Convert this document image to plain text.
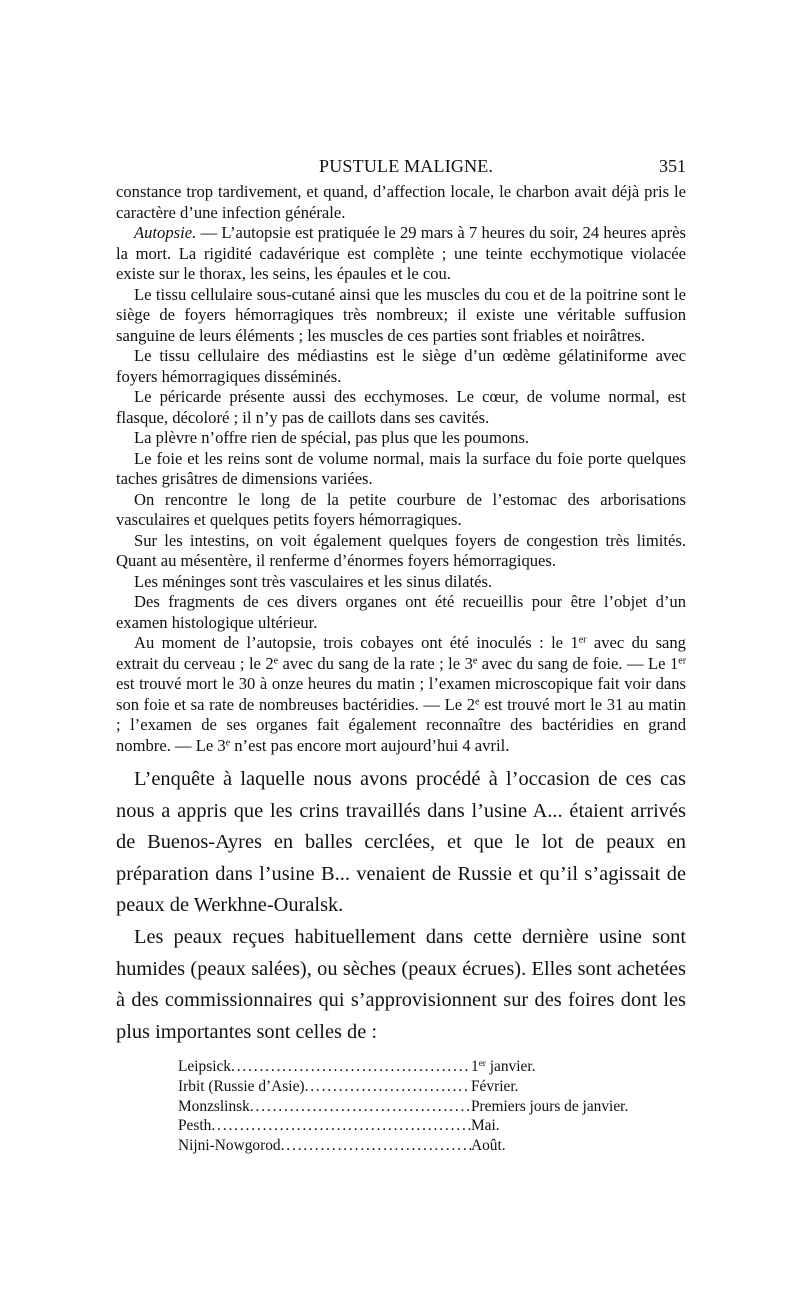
PUSTULE MALIGNE.	351

constance trop tardivement, et quand, d’affection locale, le charbon avait déjà pris le caractère d’une infection générale.

Autopsie. — L’autopsie est pratiquée le 29 mars à 7 heures du soir, 24 heures après la mort. La rigidité cadavérique est complète ; une teinte ecchymotique violacée existe sur le thorax, les seins, les épaules et le cou.

Le tissu cellulaire sous-cutané ainsi que les muscles du cou et de la poitrine sont le siège de foyers hémorragiques très nombreux; il existe une véritable suffusion sanguine de leurs éléments ; les muscles de ces parties sont friables et noirâtres.

Le tissu cellulaire des médiastins est le siège d’un œdème gélatiniforme avec foyers hémorragiques disséminés.

Le péricarde présente aussi des ecchymoses. Le cœur, de volume normal, est flasque, décoloré ; il n’y pas de caillots dans ses cavités.

La plèvre n’offre rien de spécial, pas plus que les poumons.

Le foie et les reins sont de volume normal, mais la surface du foie porte quelques taches grisâtres de dimensions variées.

On rencontre le long de la petite courbure de l’estomac des arborisations vasculaires et quelques petits foyers hémorragiques.

Sur les intestins, on voit également quelques foyers de congestion très limités. Quant au mésentère, il renferme d’énormes foyers hémorragiques.

Les méninges sont très vasculaires et les sinus dilatés.

Des fragments de ces divers organes ont été recueillis pour être l’objet d’un examen histologique ultérieur.

Au moment de l’autopsie, trois cobayes ont été inoculés : le 1er avec du sang extrait du cerveau ; le 2e avec du sang de la rate ; le 3e avec du sang de foie. — Le 1er est trouvé mort le 30 à onze heures du matin ; l’examen microscopique fait voir dans son foie et sa rate de nombreuses bactéridies. — Le 2e est trouvé mort le 31 au matin ; l’examen de ses organes fait également reconnaître des bactéridies en grand nombre. — Le 3e n’est pas encore mort aujourd’hui 4 avril.

L’enquête à laquelle nous avons procédé à l’occasion de ces cas nous a appris que les crins travaillés dans l’usine A... étaient arrivés de Buenos-Ayres en balles cerclées, et que le lot de peaux en préparation dans l’usine B... venaient de Russie et qu’il s’agissait de peaux de Werkhne-Ouralsk.

Les peaux reçues habituellement dans cette dernière usine sont humides (peaux salées), ou sèches (peaux écrues). Elles sont achetées à des commissionnaires qui s’approvisionnent sur des foires dont les plus importantes sont celles de :

Leipsick . . .	1er janvier.
Irbit (Russie d’Asie) . . .	Février.
Monzslinsk . . .	Premiers jours de janvier.
Pesth . . .	Mai.
Nijni-Nowgorod . . .	Août.
